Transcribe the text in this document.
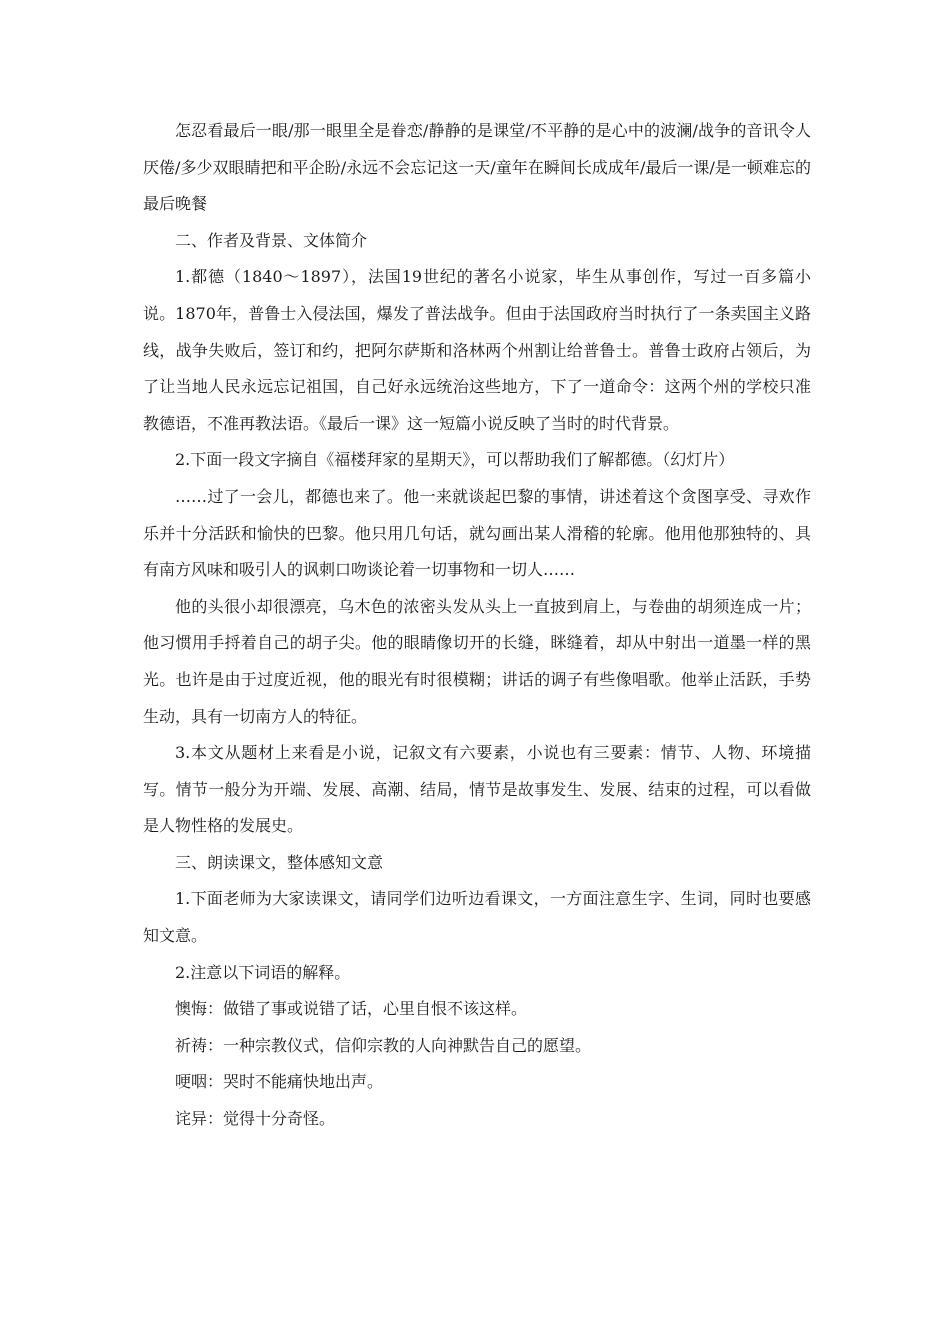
怎忍看最后一眼/那一眼里全是眷恋/静静的是课堂/不平静的是心中的波澜/战争的音讯令人厌倦/多少双眼睛把和平企盼/永远不会忘记这一天/童年在瞬间长成成年/最后一课/是一顿难忘的最后晚餐

二、作者及背景、文体简介

1.都德（1840～1897），法国19世纪的著名小说家，毕生从事创作，写过一百多篇小说。1870年，普鲁士入侵法国，爆发了普法战争。但由于法国政府当时执行了一条卖国主义路线，战争失败后，签订和约，把阿尔萨斯和洛林两个州割让给普鲁士。普鲁士政府占领后，为了让当地人民永远忘记祖国，自己好永远统治这些地方，下了一道命令：这两个州的学校只准教德语，不准再教法语。《最后一课》这一短篇小说反映了当时的时代背景。

2.下面一段文字摘自《福楼拜家的星期天》，可以帮助我们了解都德。（幻灯片）

……过了一会儿，都德也来了。他一来就谈起巴黎的事情，讲述着这个贪图享受、寻欢作乐并十分活跃和愉快的巴黎。他只用几句话，就勾画出某人滑稽的轮廓。他用他那独特的、具有南方风味和吸引人的讽刺口吻谈论着一切事物和一切人……

他的头很小却很漂亮，乌木色的浓密头发从头上一直披到肩上，与卷曲的胡须连成一片；他习惯用手捋着自己的胡子尖。他的眼睛像切开的长缝，眯缝着，却从中射出一道墨一样的黑光。也许是由于过度近视，他的眼光有时很模糊；讲话的调子有些像唱歌。他举止活跃，手势生动，具有一切南方人的特征。

3.本文从题材上来看是小说，记叙文有六要素，小说也有三要素：情节、人物、环境描写。情节一般分为开端、发展、高潮、结局，情节是故事发生、发展、结束的过程，可以看做是人物性格的发展史。

三、朗读课文，整体感知文意

1.下面老师为大家读课文，请同学们边听边看课文，一方面注意生字、生词，同时也要感知文意。

2.注意以下词语的解释。

懊悔：做错了事或说错了话，心里自恨不该这样。

祈祷：一种宗教仪式，信仰宗教的人向神默告自己的愿望。

哽咽：哭时不能痛快地出声。

诧异：觉得十分奇怪。
